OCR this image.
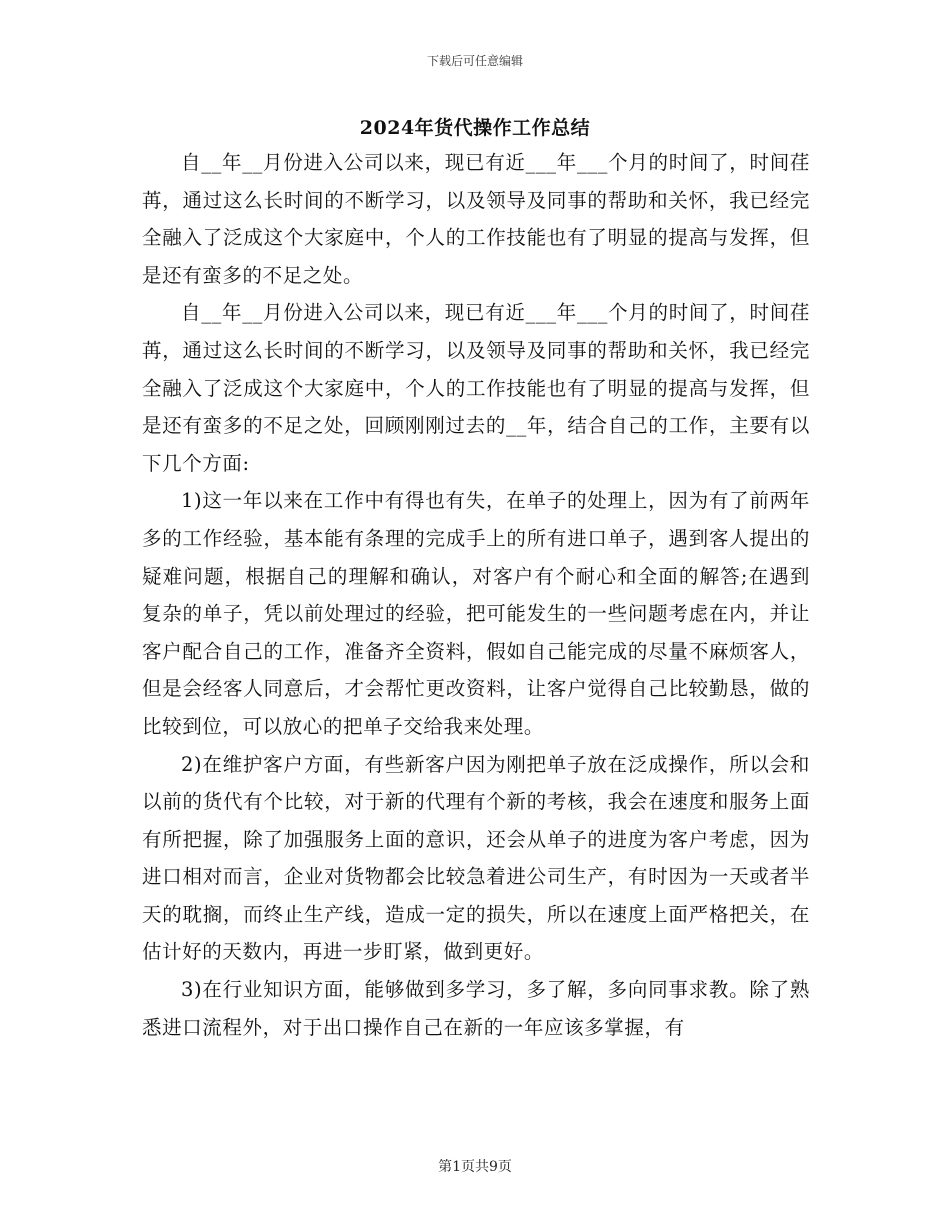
下载后可任意编辑
2024年货代操作工作总结

自__年__月份进入公司以来，现已有近___年___个月的时间了，时间荏苒，通过这么长时间的不断学习，以及领导及同事的帮助和关怀，我已经完全融入了泛成这个大家庭中，个人的工作技能也有了明显的提高与发挥，但是还有蛮多的不足之处。

自__年__月份进入公司以来，现已有近___年___个月的时间了，时间荏苒，通过这么长时间的不断学习，以及领导及同事的帮助和关怀，我已经完全融入了泛成这个大家庭中，个人的工作技能也有了明显的提高与发挥，但是还有蛮多的不足之处，回顾刚刚过去的__年，结合自己的工作，主要有以下几个方面:

1)这一年以来在工作中有得也有失，在单子的处理上，因为有了前两年多的工作经验，基本能有条理的完成手上的所有进口单子，遇到客人提出的疑难问题，根据自己的理解和确认，对客户有个耐心和全面的解答;在遇到复杂的单子，凭以前处理过的经验，把可能发生的一些问题考虑在内，并让客户配合自己的工作，准备齐全资料，假如自己能完成的尽量不麻烦客人，但是会经客人同意后，才会帮忙更改资料，让客户觉得自己比较勤恳，做的比较到位，可以放心的把单子交给我来处理。

2)在维护客户方面，有些新客户因为刚把单子放在泛成操作，所以会和以前的货代有个比较，对于新的代理有个新的考核，我会在速度和服务上面有所把握，除了加强服务上面的意识，还会从单子的进度为客户考虑，因为进口相对而言，企业对货物都会比较急着进公司生产，有时因为一天或者半天的耽搁，而终止生产线，造成一定的损失，所以在速度上面严格把关，在估计好的天数内，再进一步盯紧，做到更好。

3)在行业知识方面，能够做到多学习，多了解，多向同事求教。除了熟悉进口流程外，对于出口操作自己在新的一年应该多掌握，有

第1页共9页
